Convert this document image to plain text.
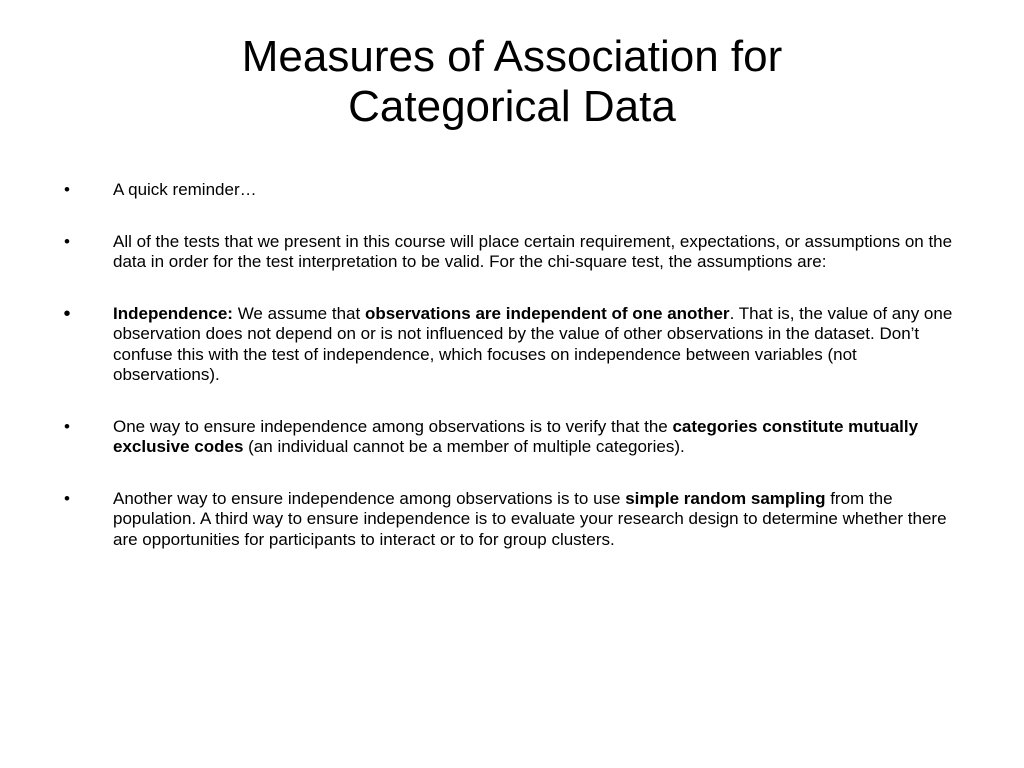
Measures of Association for
Categorical Data
•	A quick reminder…
•	All of the tests that we present in this course will place certain requirement, expectations, or assumptions on the data in order for the test interpretation to be valid. For the chi-square test, the assumptions are:
•	Independence: We assume that observations are independent of one another. That is, the value of any one observation does not depend on or is not influenced by the value of other observations in the dataset. Don’t confuse this with the test of independence, which focuses on independence between variables (not observations).
•	One way to ensure independence among observations is to verify that the categories constitute mutually exclusive codes (an individual cannot be a member of multiple categories).
•	Another way to ensure independence among observations is to use simple random sampling from the population. A third way to ensure independence is to evaluate your research design to determine whether there are opportunities for participants to interact or to for group clusters.
